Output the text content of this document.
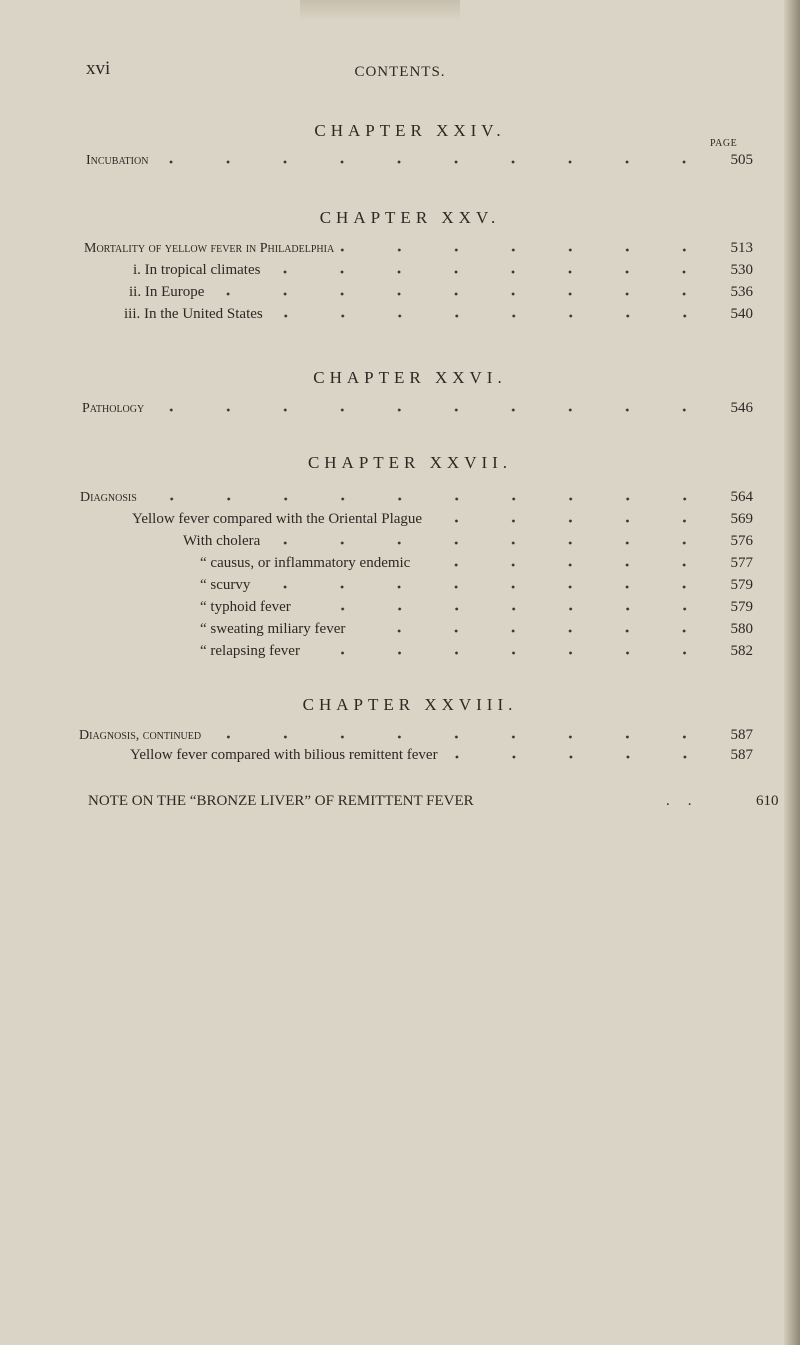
xvi	CONTENTS.
CHAPTER XXIV.
PAGE
Incubation	505
CHAPTER XXV.
Mortality of yellow fever in Philadelphia	513
i. In tropical climates	530
ii. In Europe	536
iii. In the United States	540
CHAPTER XXVI.
Pathology	546
CHAPTER XXVII.
Diagnosis	564
Yellow fever compared with the Oriental Plague	569
With cholera	576
“ causus, or inflammatory endemic	577
“ scurvy	579
“ typhoid fever	579
“ sweating miliary fever	580
“ relapsing fever	582
CHAPTER XXVIII.
Diagnosis, continued	587
Yellow fever compared with bilious remittent fever	587
NOTE ON THE “BRONZE LIVER” OF REMITTENT FEVER	..	610
